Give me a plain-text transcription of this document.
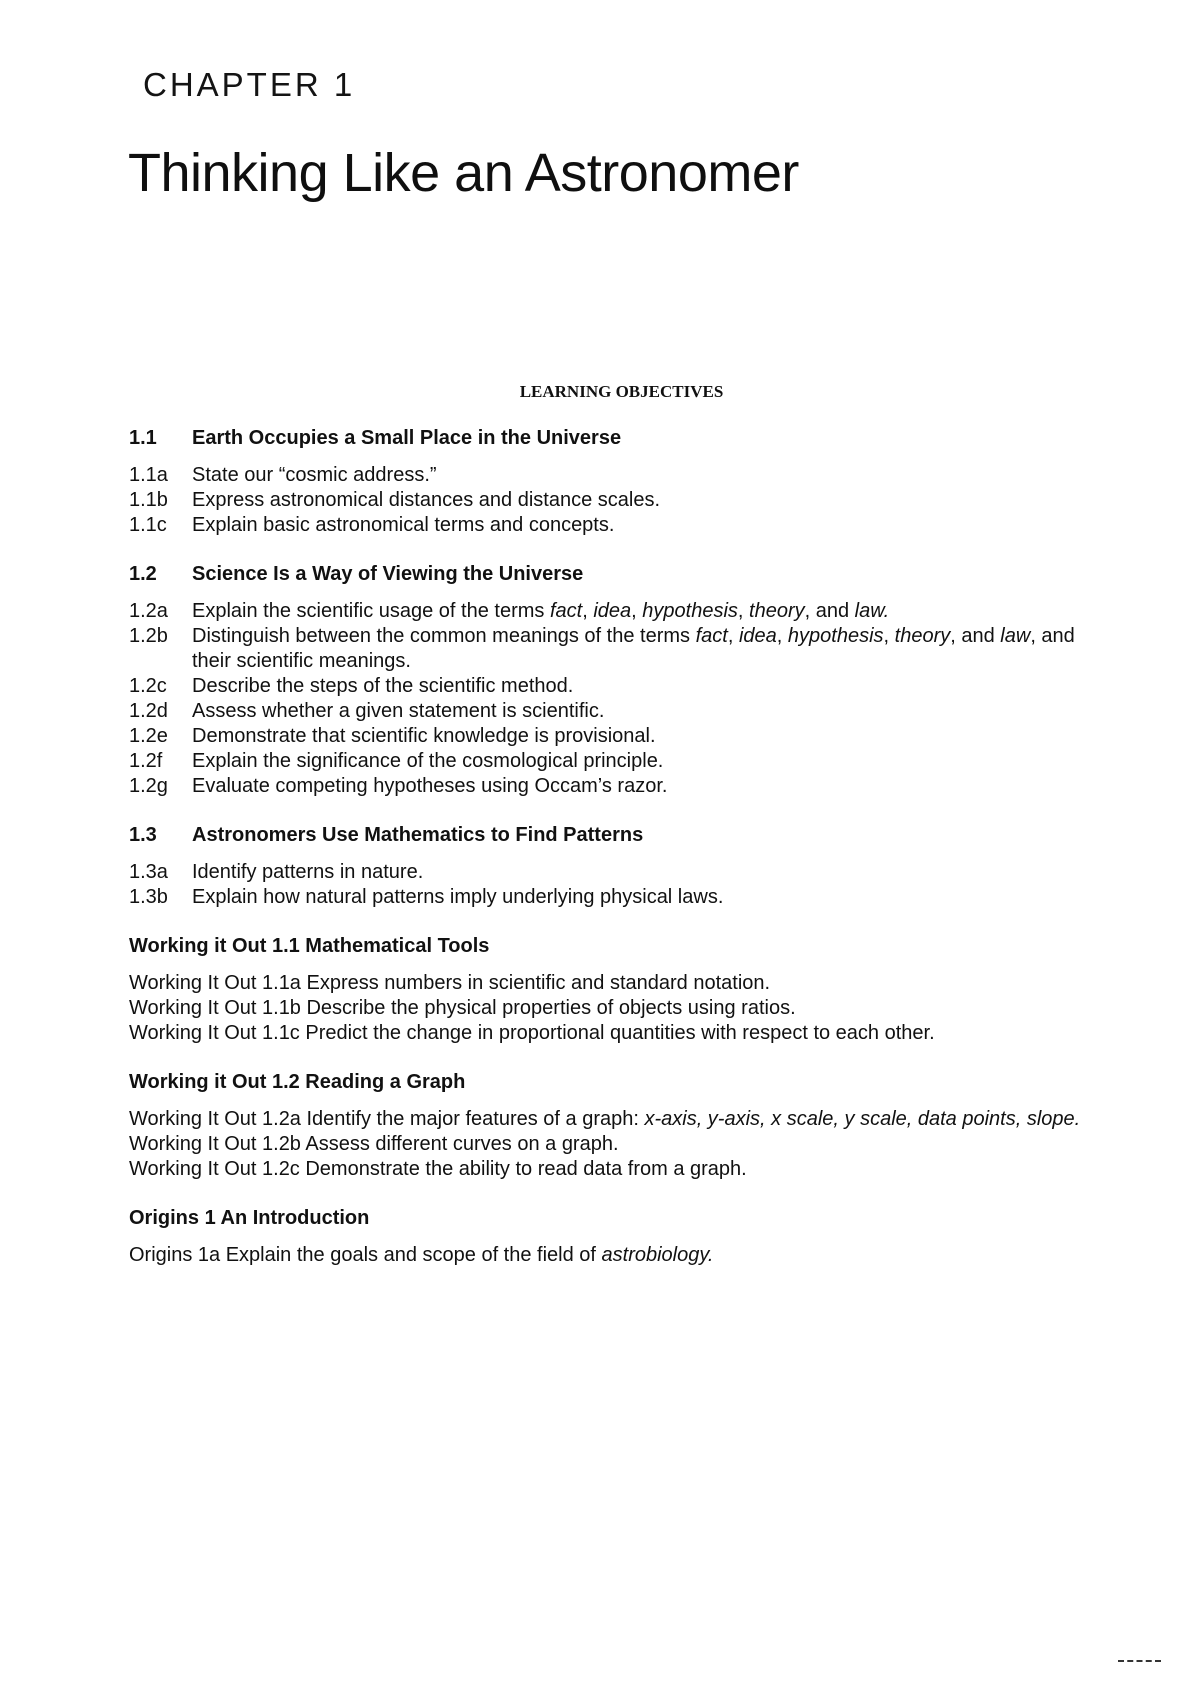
CHAPTER 1
Thinking Like an Astronomer
LEARNING OBJECTIVES
1.1	Earth Occupies a Small Place in the Universe
1.1a	State our “cosmic address.”
1.1b	Express astronomical distances and distance scales.
1.1c	Explain basic astronomical terms and concepts.
1.2	Science Is a Way of Viewing the Universe
1.2a	Explain the scientific usage of the terms fact, idea, hypothesis, theory, and law.
1.2b	Distinguish between the common meanings of the terms fact, idea, hypothesis, theory, and law, and their scientific meanings.
1.2c	Describe the steps of the scientific method.
1.2d	Assess whether a given statement is scientific.
1.2e	Demonstrate that scientific knowledge is provisional.
1.2f	Explain the significance of the cosmological principle.
1.2g	Evaluate competing hypotheses using Occam’s razor.
1.3	Astronomers Use Mathematics to Find Patterns
1.3a	Identify patterns in nature.
1.3b	Explain how natural patterns imply underlying physical laws.
Working it Out 1.1 Mathematical Tools
Working It Out 1.1a Express numbers in scientific and standard notation.
Working It Out 1.1b Describe the physical properties of objects using ratios.
Working It Out 1.1c Predict the change in proportional quantities with respect to each other.
Working it Out 1.2 Reading a Graph
Working It Out 1.2a Identify the major features of a graph: x-axis, y-axis, x scale, y scale, data points, slope.
Working It Out 1.2b Assess different curves on a graph.
Working It Out 1.2c Demonstrate the ability to read data from a graph.
Origins 1 An Introduction
Origins 1a Explain the goals and scope of the field of astrobiology.
